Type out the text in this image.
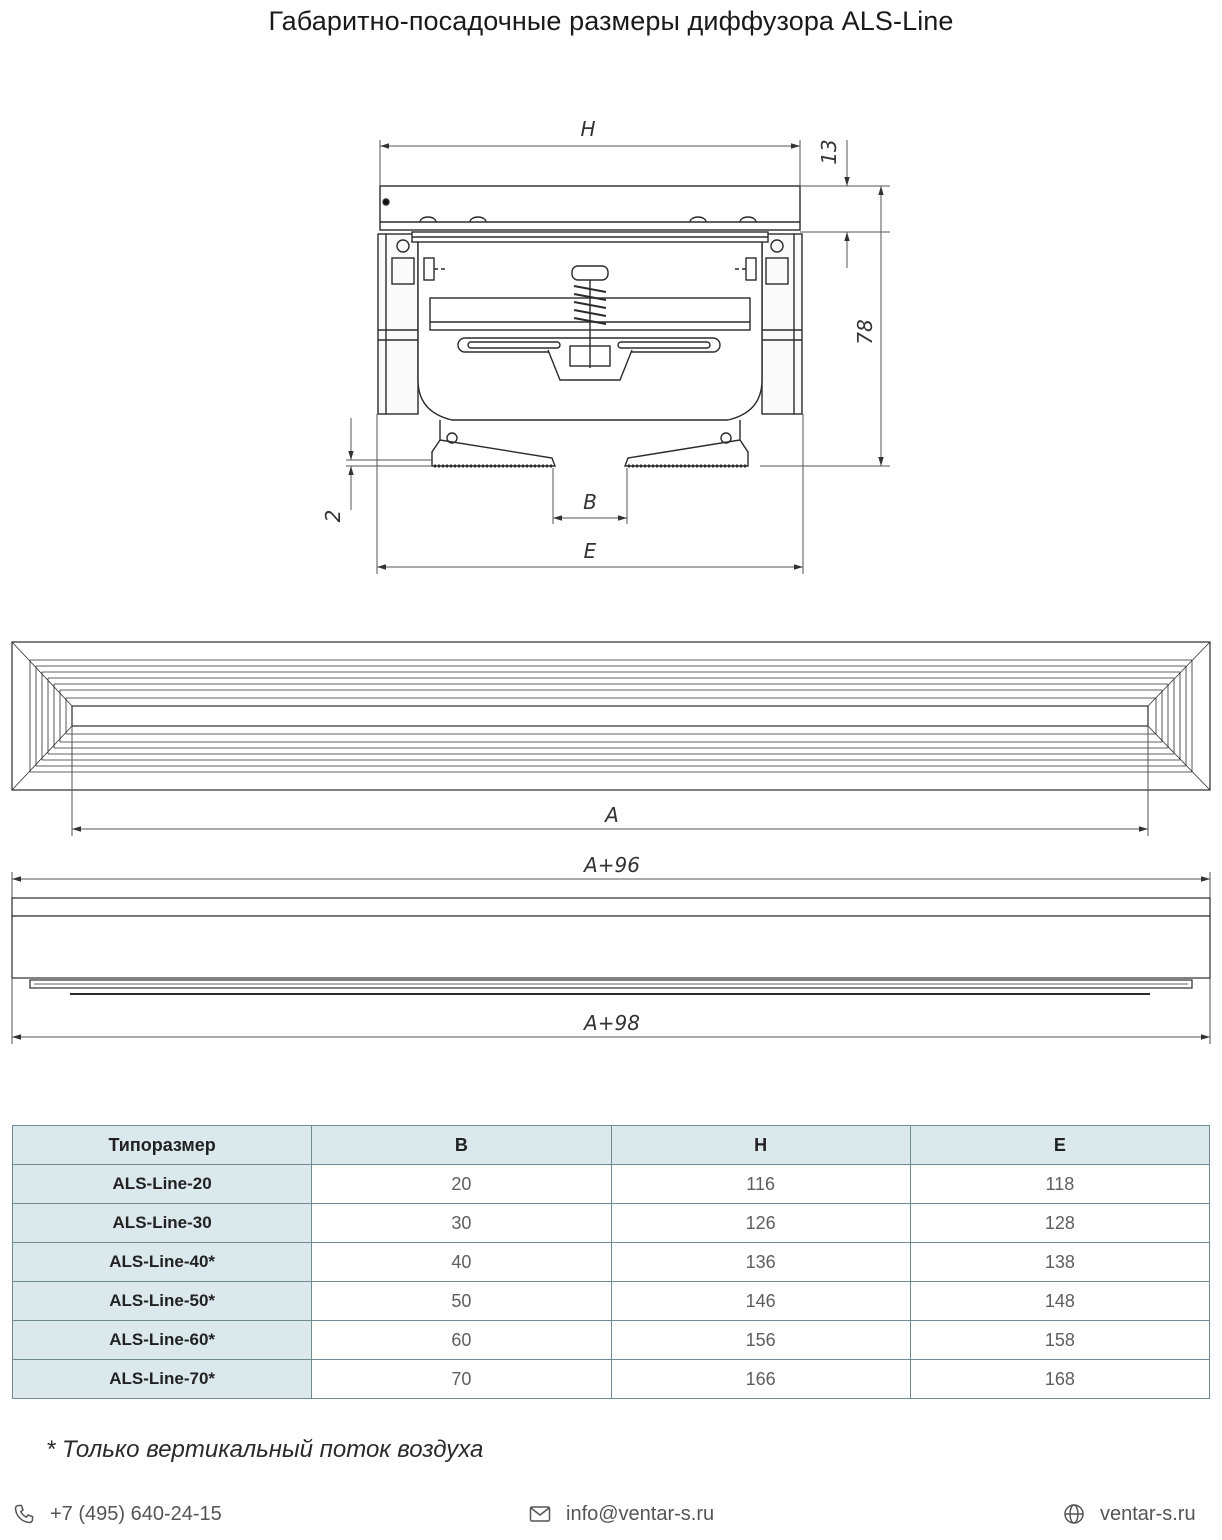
Габаритно-посадочные размеры диффузора ALS-Line
H
13
78
2
B
E
A
A+96
A+98
Типоразмер	B	H	E
ALS-Line-20	20	116	118
ALS-Line-30	30	126	128
ALS-Line-40*	40	136	138
ALS-Line-50*	50	146	148
ALS-Line-60*	60	156	158
ALS-Line-70*	70	166	168
* Только вертикальный поток воздуха
+7 (495) 640-24-15	info@ventar-s.ru	ventar-s.ru
